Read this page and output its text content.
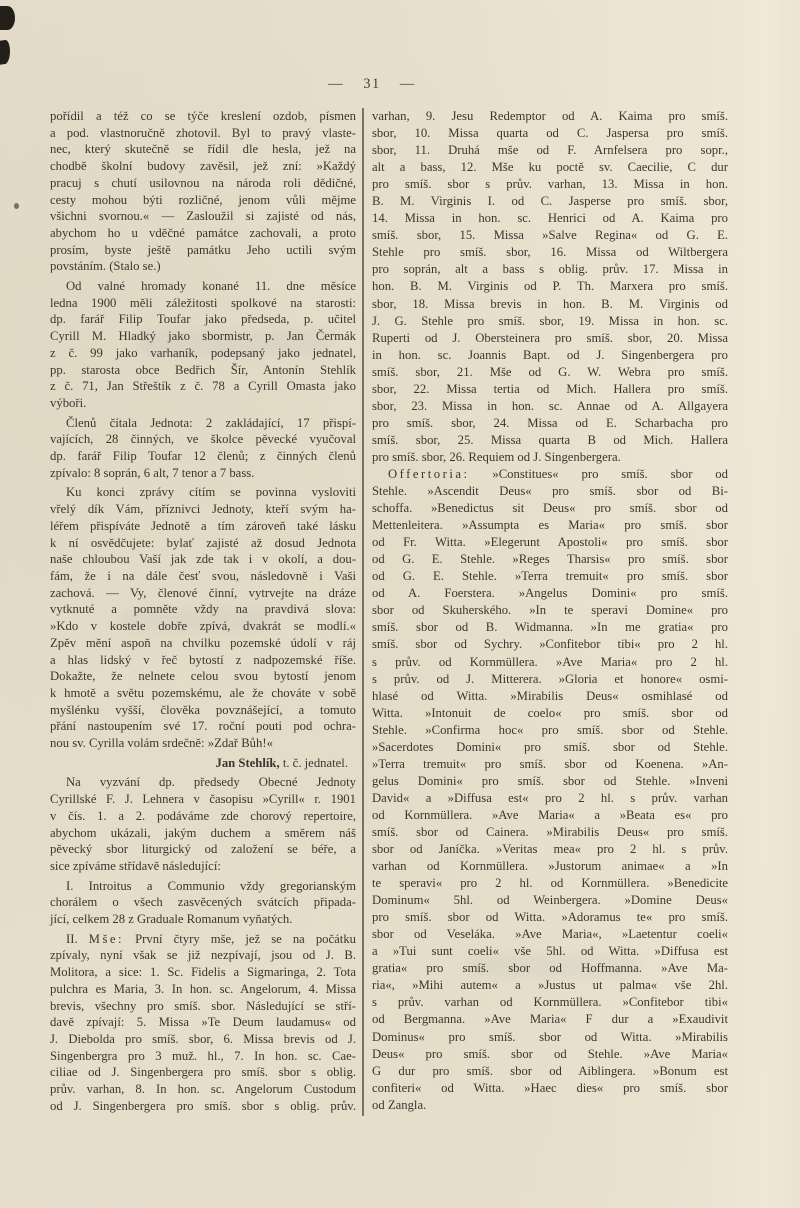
— 31 —
pořídil a též co se týče kreslení ozdob, písmen
a pod. vlastnoručně zhotovil. Byl to pravý vlaste-
nec, který skutečně se řídil dle hesla, jež na
chodbě školní budovy zavěsil, jež zní: »Každý
pracuj s chutí usilovnou na národa roli dědičné,
cesty mohou býti rozličné, jenom vůli mějme
všichni svornou.« — Zasloužil si zajisté od nás,
abychom ho u vděčné památce zachovali, a proto
prosím, byste ještě památku Jeho uctili svým
povstáním. (Stalo se.)
Od valné hromady konané 11. dne měsíce
ledna 1900 měli záležitosti spolkové na starosti:
dp. farář Filip Toufar jako předseda, p. učitel
Cyrill M. Hladký jako sbormistr, p. Jan Čermák
z č. 99 jako varhaník, podepsaný jako jednatel,
pp. starosta obce Bedřich Šír, Antonín Stehlík
z č. 71, Jan Střeštík z č. 78 a Cyrill Omasta jako
výboři.
Členů čítala Jednota: 2 zakládající, 17 přispí-
vajících, 28 činných, ve školce pěvecké vyučoval
dp. farář Filip Toufar 12 členů; z činných členů
zpívalo: 8 soprán, 6 alt, 7 tenor a 7 bass.
Ku konci zprávy cítím se povinna vysloviti
vřelý dík Vám, příznivci Jednoty, kteří svým ha-
léřem přispíváte Jednotě a tím zároveň také lásku
k ní osvědčujete: bylať zajisté až dosud Jednota
naše chloubou Vaší jak zde tak i v okolí, a dou-
fám, že i na dále česť svou, následovně i Vaši
zachová. — Vy, členové činní, vytrvejte na dráze
vytknuté a pomněte vždy na pravdivá slova:
»Kdo v kostele dobře zpívá, dvakrát se modlí.«
Zpěv mění aspoň na chvilku pozemské údolí v ráj
a hlas lidský v řeč bytostí z nadpozemské říše.
Dokažte, že nelnete celou svou bytostí jenom
k hmotě a světu pozemskému, ale že chováte v sobě
myšlénku vyšší, člověka povznášející, a tomuto
přání nastoupením své 17. roční pouti pod ochra-
nou sv. Cyrilla volám srdečně: »Zdař Bůh!«
Jan Stehlík, t. č. jednatel.
Na vyzvání dp. předsedy Obecné Jednoty
Cyrillské F. J. Lehnera v časopisu »Cyrill« r. 1901
v čís. 1. a 2. podáváme zde chorový repertoire,
abychom ukázali, jakým duchem a směrem náš
pěvecký sbor liturgický od založení se béře, a
sice zpíváme střídavě následující:
I. Introitus a Communio vždy gregorianským
chorálem o všech zasvěcených svátcích připada-
jící, celkem 28 z Graduale Romanum vyňatých.
II. Mše: První čtyry mše, jež se na počátku
zpívaly, nyní však se již nezpívají, jsou od J. B.
Molitora, a sice: 1. Sc. Fidelis a Sigmaringa, 2. Tota
pulchra es Maria, 3. In hon. sc. Angelorum, 4. Missa
brevis, všechny pro smíš. sbor. Následující se stří-
davě zpívají: 5. Missa »Te Deum laudamus« od
J. Diebolda pro smíš. sbor, 6. Missa brevis od J.
Singenbergra pro 3 muž. hl., 7. In hon. sc. Cae-
ciliae od J. Singenbergera pro smíš. sbor s oblig.
prův. varhan, 8. In hon. sc. Angelorum Custodum
od J. Singenbergera pro smíš. sbor s oblig. prův.
varhan, 9. Jesu Redemptor od A. Kaima pro smíš.
sbor, 10. Missa quarta od C. Jaspersa pro smíš.
sbor, 11. Druhá mše od F. Arnfelsera pro sopr.,
alt a bass, 12. Mše ku poctě sv. Caecilie, C dur
pro smíš. sbor s prův. varhan, 13. Missa in hon.
B. M. Virginis I. od C. Jasperse pro smíš. sbor,
14. Missa in hon. sc. Henrici od A. Kaima pro
smíš. sbor, 15. Missa »Salve Regina« od G. E.
Stehle pro smíš. sbor, 16. Missa od Wiltbergera
pro soprán, alt a bass s oblig. prův. 17. Missa in
hon. B. M. Virginis od P. Th. Marxera pro smíš.
sbor, 18. Missa brevis in hon. B. M. Virginis od
J. G. Stehle pro smíš. sbor, 19. Missa in hon. sc.
Ruperti od J. Obersteinera pro smíš. sbor, 20. Missa
in hon. sc. Joannis Bapt. od J. Singenbergera pro
smíš. sbor, 21. Mše od G. W. Webra pro smíš.
sbor, 22. Missa tertia od Mich. Hallera pro smíš.
sbor, 23. Missa in hon. sc. Annae od A. Allgayera
pro smíš. sbor, 24. Missa od E. Scharbacha pro
smíš. sbor, 25. Missa quarta B od Mich. Hallera
pro smíš. sbor, 26. Requiem od J. Singenbergera.
Offertoria: »Constitues« pro smíš. sbor od
Stehle. »Ascendit Deus« pro smíš. sbor od Bi-
schoffa. »Benedictus sit Deus« pro smíš. sbor od
Mettenleitera. »Assumpta es Maria« pro smíš. sbor
od Fr. Witta. »Elegerunt Apostoli« pro smíš. sbor
od G. E. Stehle. »Reges Tharsis« pro smíš. sbor
od G. E. Stehle. »Terra tremuit« pro smíš. sbor
od A. Foerstera. »Angelus Domini« pro smíš.
sbor od Skuherského. »In te speravi Domine« pro
smíš. sbor od B. Widmanna. »In me gratia« pro
smíš. sbor od Sychry. »Confitebor tibi« pro 2 hl.
s prův. od Kornmüllera. »Ave Maria« pro 2 hl.
s prův. od J. Mitterera. »Gloria et honore« osmi-
hlasé od Witta. »Mirabilis Deus« osmihlasé od
Witta. »Intonuit de coelo« pro smíš. sbor od
Stehle. »Confirma hoc« pro smíš. sbor od Stehle.
»Sacerdotes Domini« pro smíš. sbor od Stehle.
»Terra tremuit« pro smíš. sbor od Koenena. »An-
gelus Domini« pro smíš. sbor od Stehle. »Inveni
David« a »Diffusa est« pro 2 hl. s prův. varhan
od Kornmüllera. »Ave Maria« a »Beata es« pro
smíš. sbor od Cainera. »Mirabilis Deus« pro smíš.
sbor od Janíčka. »Veritas mea« pro 2 hl. s prův.
varhan od Kornmüllera. »Justorum animae« a »In
te speravi« pro 2 hl. od Kornmüllera. »Benedicite
Dominum« 5hl. od Weinbergera. »Domine Deus«
pro smíš. sbor od Witta. »Adoramus te« pro smíš.
sbor od Veseláka. »Ave Maria«, »Laetentur coeli«
a »Tui sunt coeli« vše 5hl. od Witta. »Diffusa est
gratia« pro smíš. sbor od Hoffmanna. »Ave Ma-
ria«, »Mihi autem« a »Justus ut palma« vše 2hl.
s prův. varhan od Kornmüllera. »Confitebor tibi«
od Bergmanna. »Ave Maria« F dur a »Exaudivit
Dominus« pro smíš. sbor od Witta. »Mirabilis
Deus« pro smíš. sbor od Stehle. »Ave Maria«
G dur pro smíš. sbor od Aiblingera. »Bonum est
confiteri« od Witta. »Haec dies« pro smíš. sbor
od Zangla.
